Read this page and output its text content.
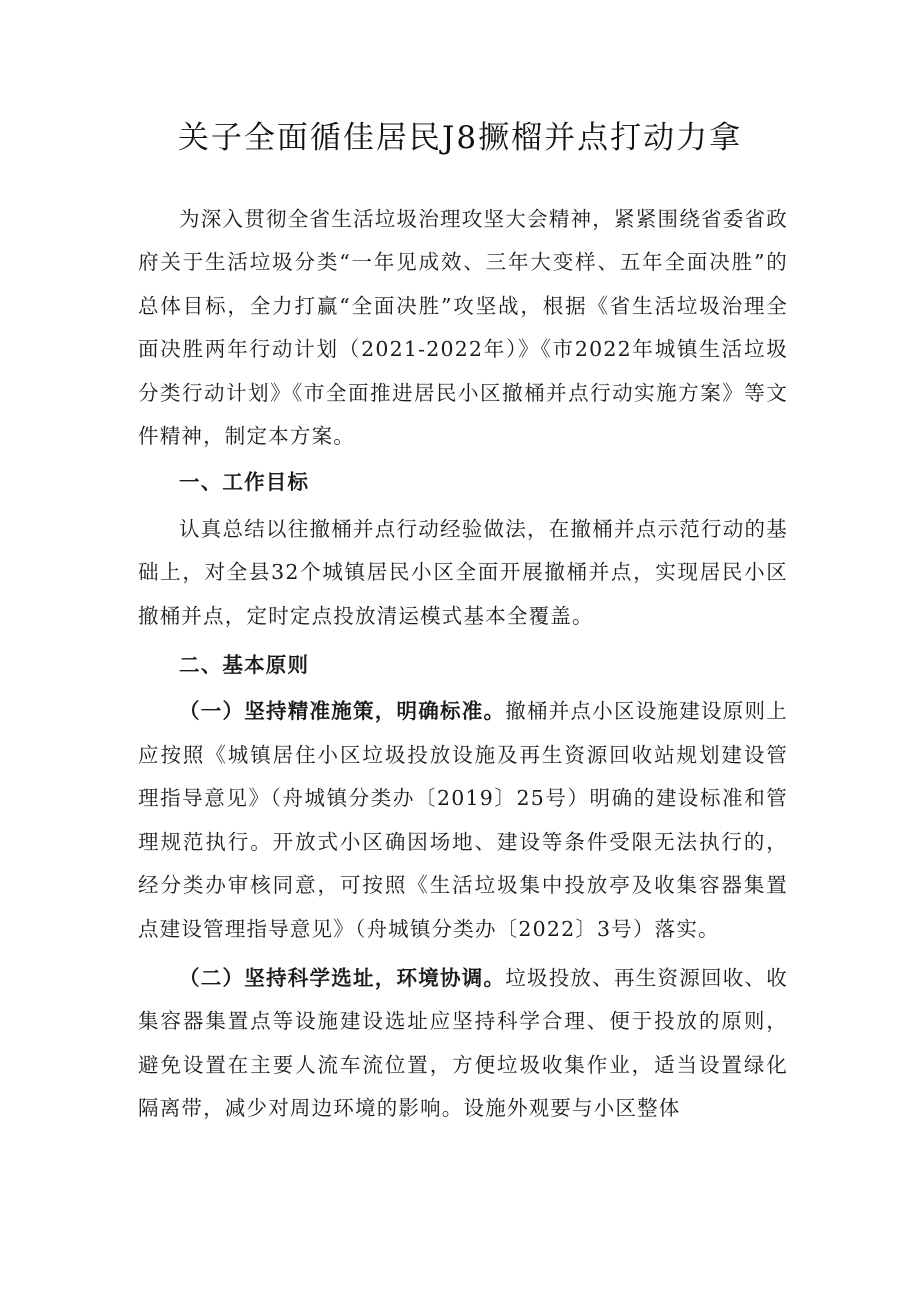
关子全面循佳居民J8撅榴并点打动力拿

为深入贯彻全省生活垃圾治理攻坚大会精神，紧紧围绕省委省政府关于生活垃圾分类“一年见成效、三年大变样、五年全面决胜”的总体目标，全力打赢“全面决胜”攻坚战，根据《省生活垃圾治理全面决胜两年行动计划（2021-2022年）》《市2022年城镇生活垃圾分类行动计划》《市全面推进居民小区撤桶并点行动实施方案》等文件精神，制定本方案。

一、工作目标

认真总结以往撤桶并点行动经验做法，在撤桶并点示范行动的基础上，对全县32个城镇居民小区全面开展撤桶并点，实现居民小区撤桶并点，定时定点投放清运模式基本全覆盖。

二、基本原则

（一）坚持精准施策，明确标准。撤桶并点小区设施建设原则上应按照《城镇居住小区垃圾投放设施及再生资源回收站规划建设管理指导意见》（舟城镇分类办〔2019〕25号）明确的建设标准和管理规范执行。开放式小区确因场地、建设等条件受限无法执行的，经分类办审核同意，可按照《生活垃圾集中投放亭及收集容器集置点建设管理指导意见》（舟城镇分类办〔2022〕3号）落实。

（二）坚持科学选址，环境协调。垃圾投放、再生资源回收、收集容器集置点等设施建设选址应坚持科学合理、便于投放的原则，避免设置在主要人流车流位置，方便垃圾收集作业，适当设置绿化隔离带，减少对周边环境的影响。设施外观要与小区整体
